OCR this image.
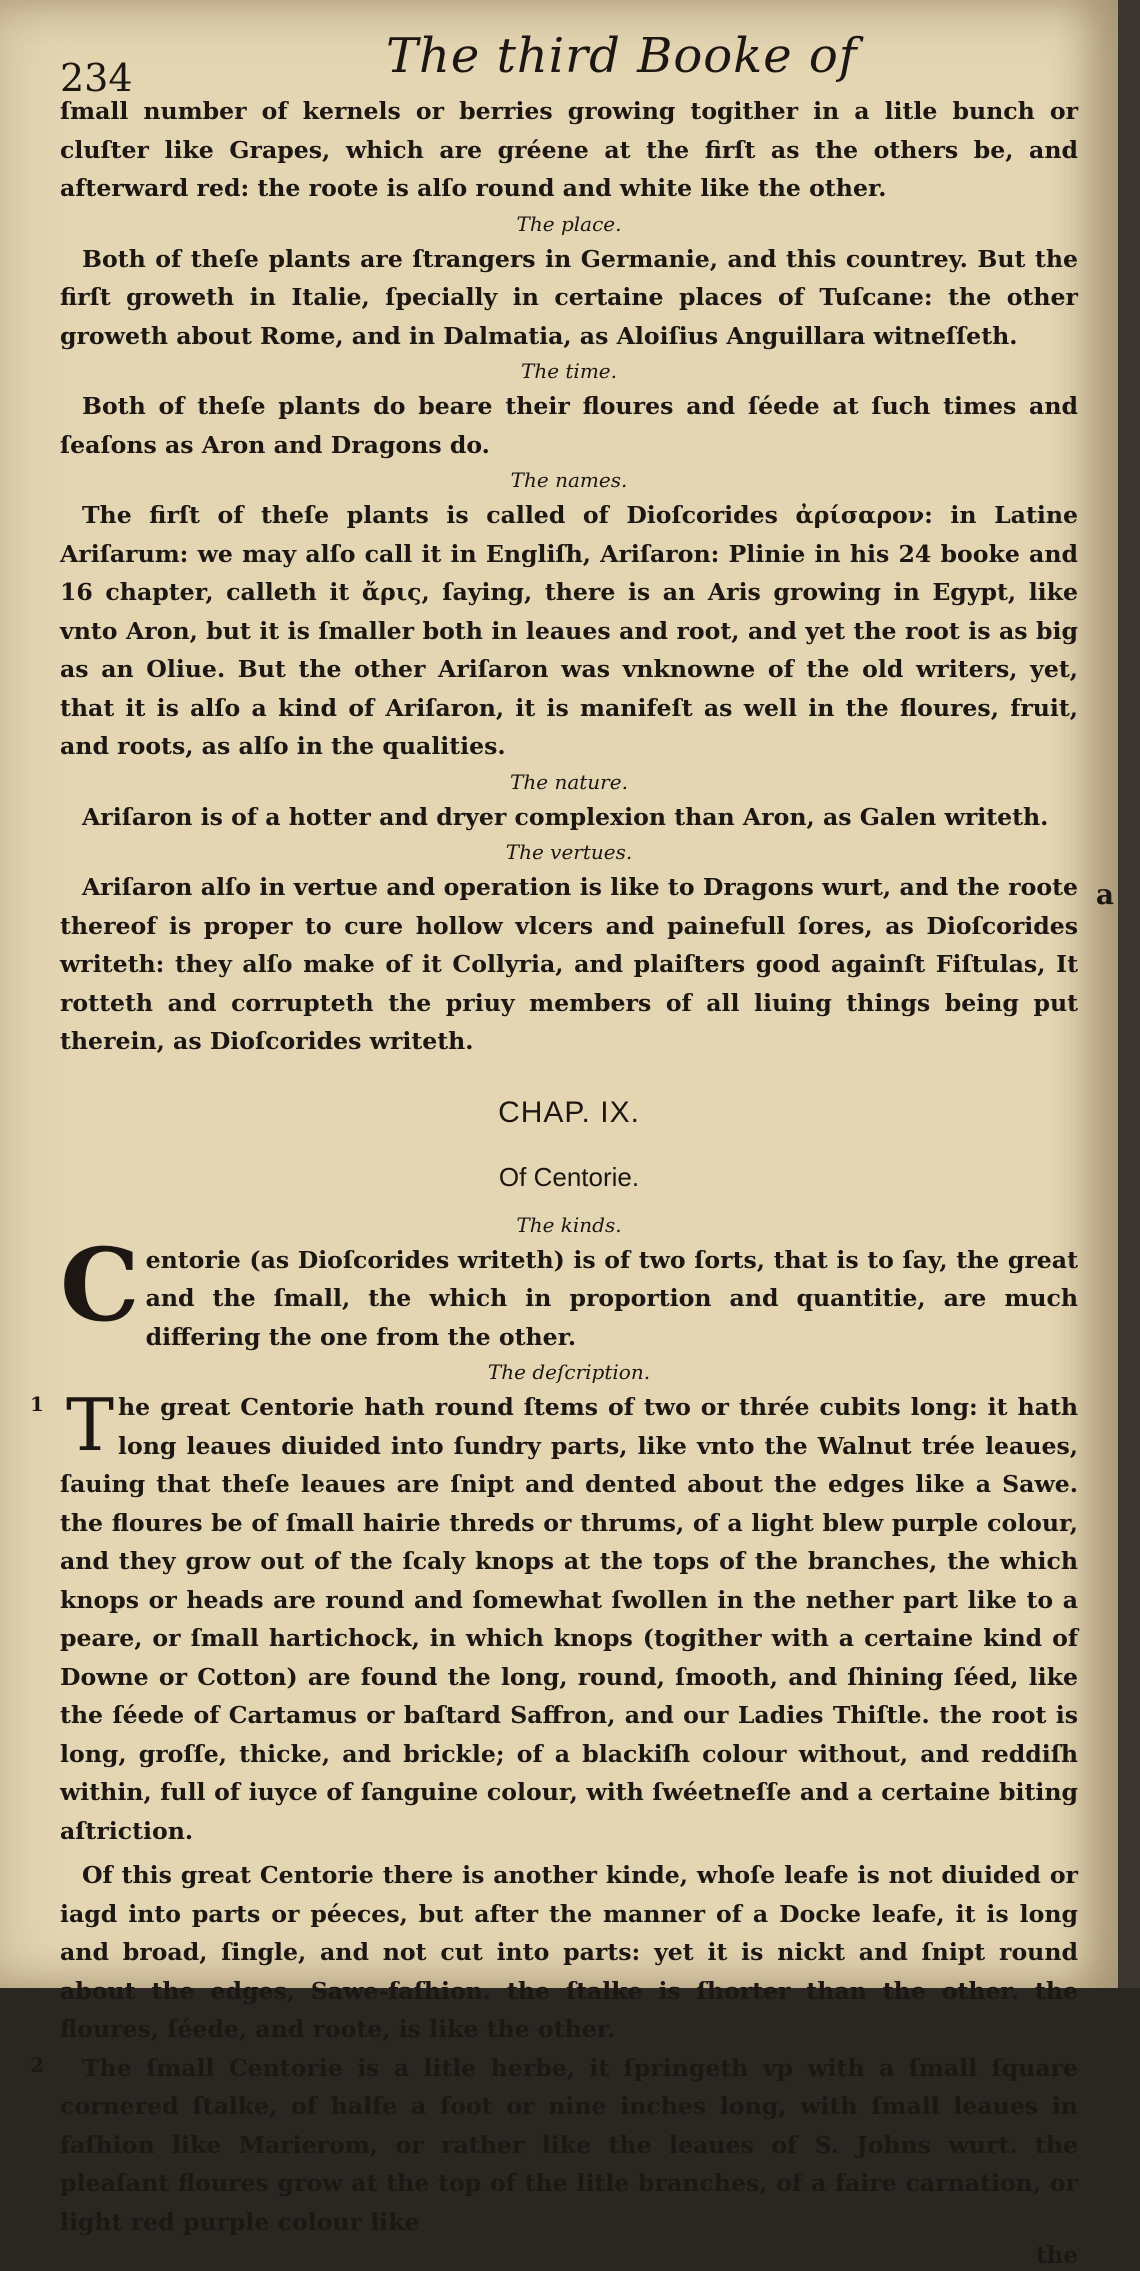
234	The third Booke of

ſmall number of kernels or berries growing togither in a litle bunch or cluſter like Grapes, which are gréene at the firſt as the others be, and afterward red: the roote is alſo round and white like the other.

The place.

Both of theſe plants are ſtrangers in Germanie, and this countrey. But the firſt groweth in Italie, ſpecially in certaine places of Tuſcane: the other groweth about Rome, and in Dalmatia, as Aloiſius Anguillara witneſſeth.

The time.

Both of theſe plants do beare their floures and ſéede at ſuch times and ſeaſons as Aron and Dragons do.

The names.

The firſt of theſe plants is called of Dioſcorides ἀρίσαρον: in Latine Ariſarum: we may alſo call it in Engliſh, Ariſaron: Plinie in his 24 booke and 16 chapter, calleth it ἄρις, ſaying, there is an Aris growing in Egypt, like vnto Aron, but it is ſmaller both in leaues and root, and yet the root is as big as an Oliue. But the other Ariſaron was vnknowne of the old writers, yet, that it is alſo a kind of Ariſaron, it is manifeſt as well in the floures, fruit, and roots, as alſo in the qualities.

The nature.

Ariſaron is of a hotter and dryer complexion than Aron, as Galen writeth.

The vertues.

Ariſaron alſo in vertue and operation is like to Dragons wurt, and the roote thereof is proper to cure hollow vlcers and painefull ſores, as Dioſcorides writeth: they alſo make of it Collyria, and plaiſters good againſt Fiſtulas, It rotteth and corrupteth the priuy members of all liuing things being put therein, as Dioſcorides writeth.

a
CHAP. IX.
Of Centorie.
The kinds.
C entorie (as Dioſcorides writeth) is of two ſorts, that is to ſay, the great and the ſmall, the which in proportion and quantitie, are much differing the one from the other.

The deſcription.
1 T he great Centorie hath round ſtems of two or thrée cubits long: it hath long leaues diuided into ſundry parts, like vnto the Walnut trée leaues, ſauing that theſe leaues are ſnipt and dented about the edges like a Sawe. the floures be of ſmall hairie threds or thrums, of a light blew purple colour, and they grow out of the ſcaly knops at the tops of the branches, the which knops or heads are round and ſomewhat ſwollen in the nether part like to a peare, or ſmall hartichock, in which knops (togither with a certaine kind of Downe or Cotton) are found the long, round, ſmooth, and ſhining ſéed, like the ſéede of Cartamus or baſtard Saffron, and our Ladies Thiſtle. the root is long, groſſe, thicke, and brickle; of a blackiſh colour without, and reddiſh within, full of iuyce of ſanguine colour, with ſwéetneſſe and a certaine biting aſtriction.

Of this great Centorie there is another kinde, whoſe leafe is not diuided or iagd into parts or péeces, but after the manner of a Docke leafe, it is long and broad, ſingle, and not cut into parts: yet it is nickt and ſnipt round about the edges, Sawe-faſhion. the ſtalke is ſhorter than the other. the floures, ſéede, and roote, is like the other.

2	The ſmall Centorie is a litle herbe, it ſpringeth vp with a ſmall ſquare cornered ſtalke, of halfe a foot or nine inches long, with ſmall leaues in faſhion like Marierom, or rather like the leaues of S. Johns wurt. the pleaſant floures grow at the top of the litle branches, of a faire carnation, or light red purple colour like

the
